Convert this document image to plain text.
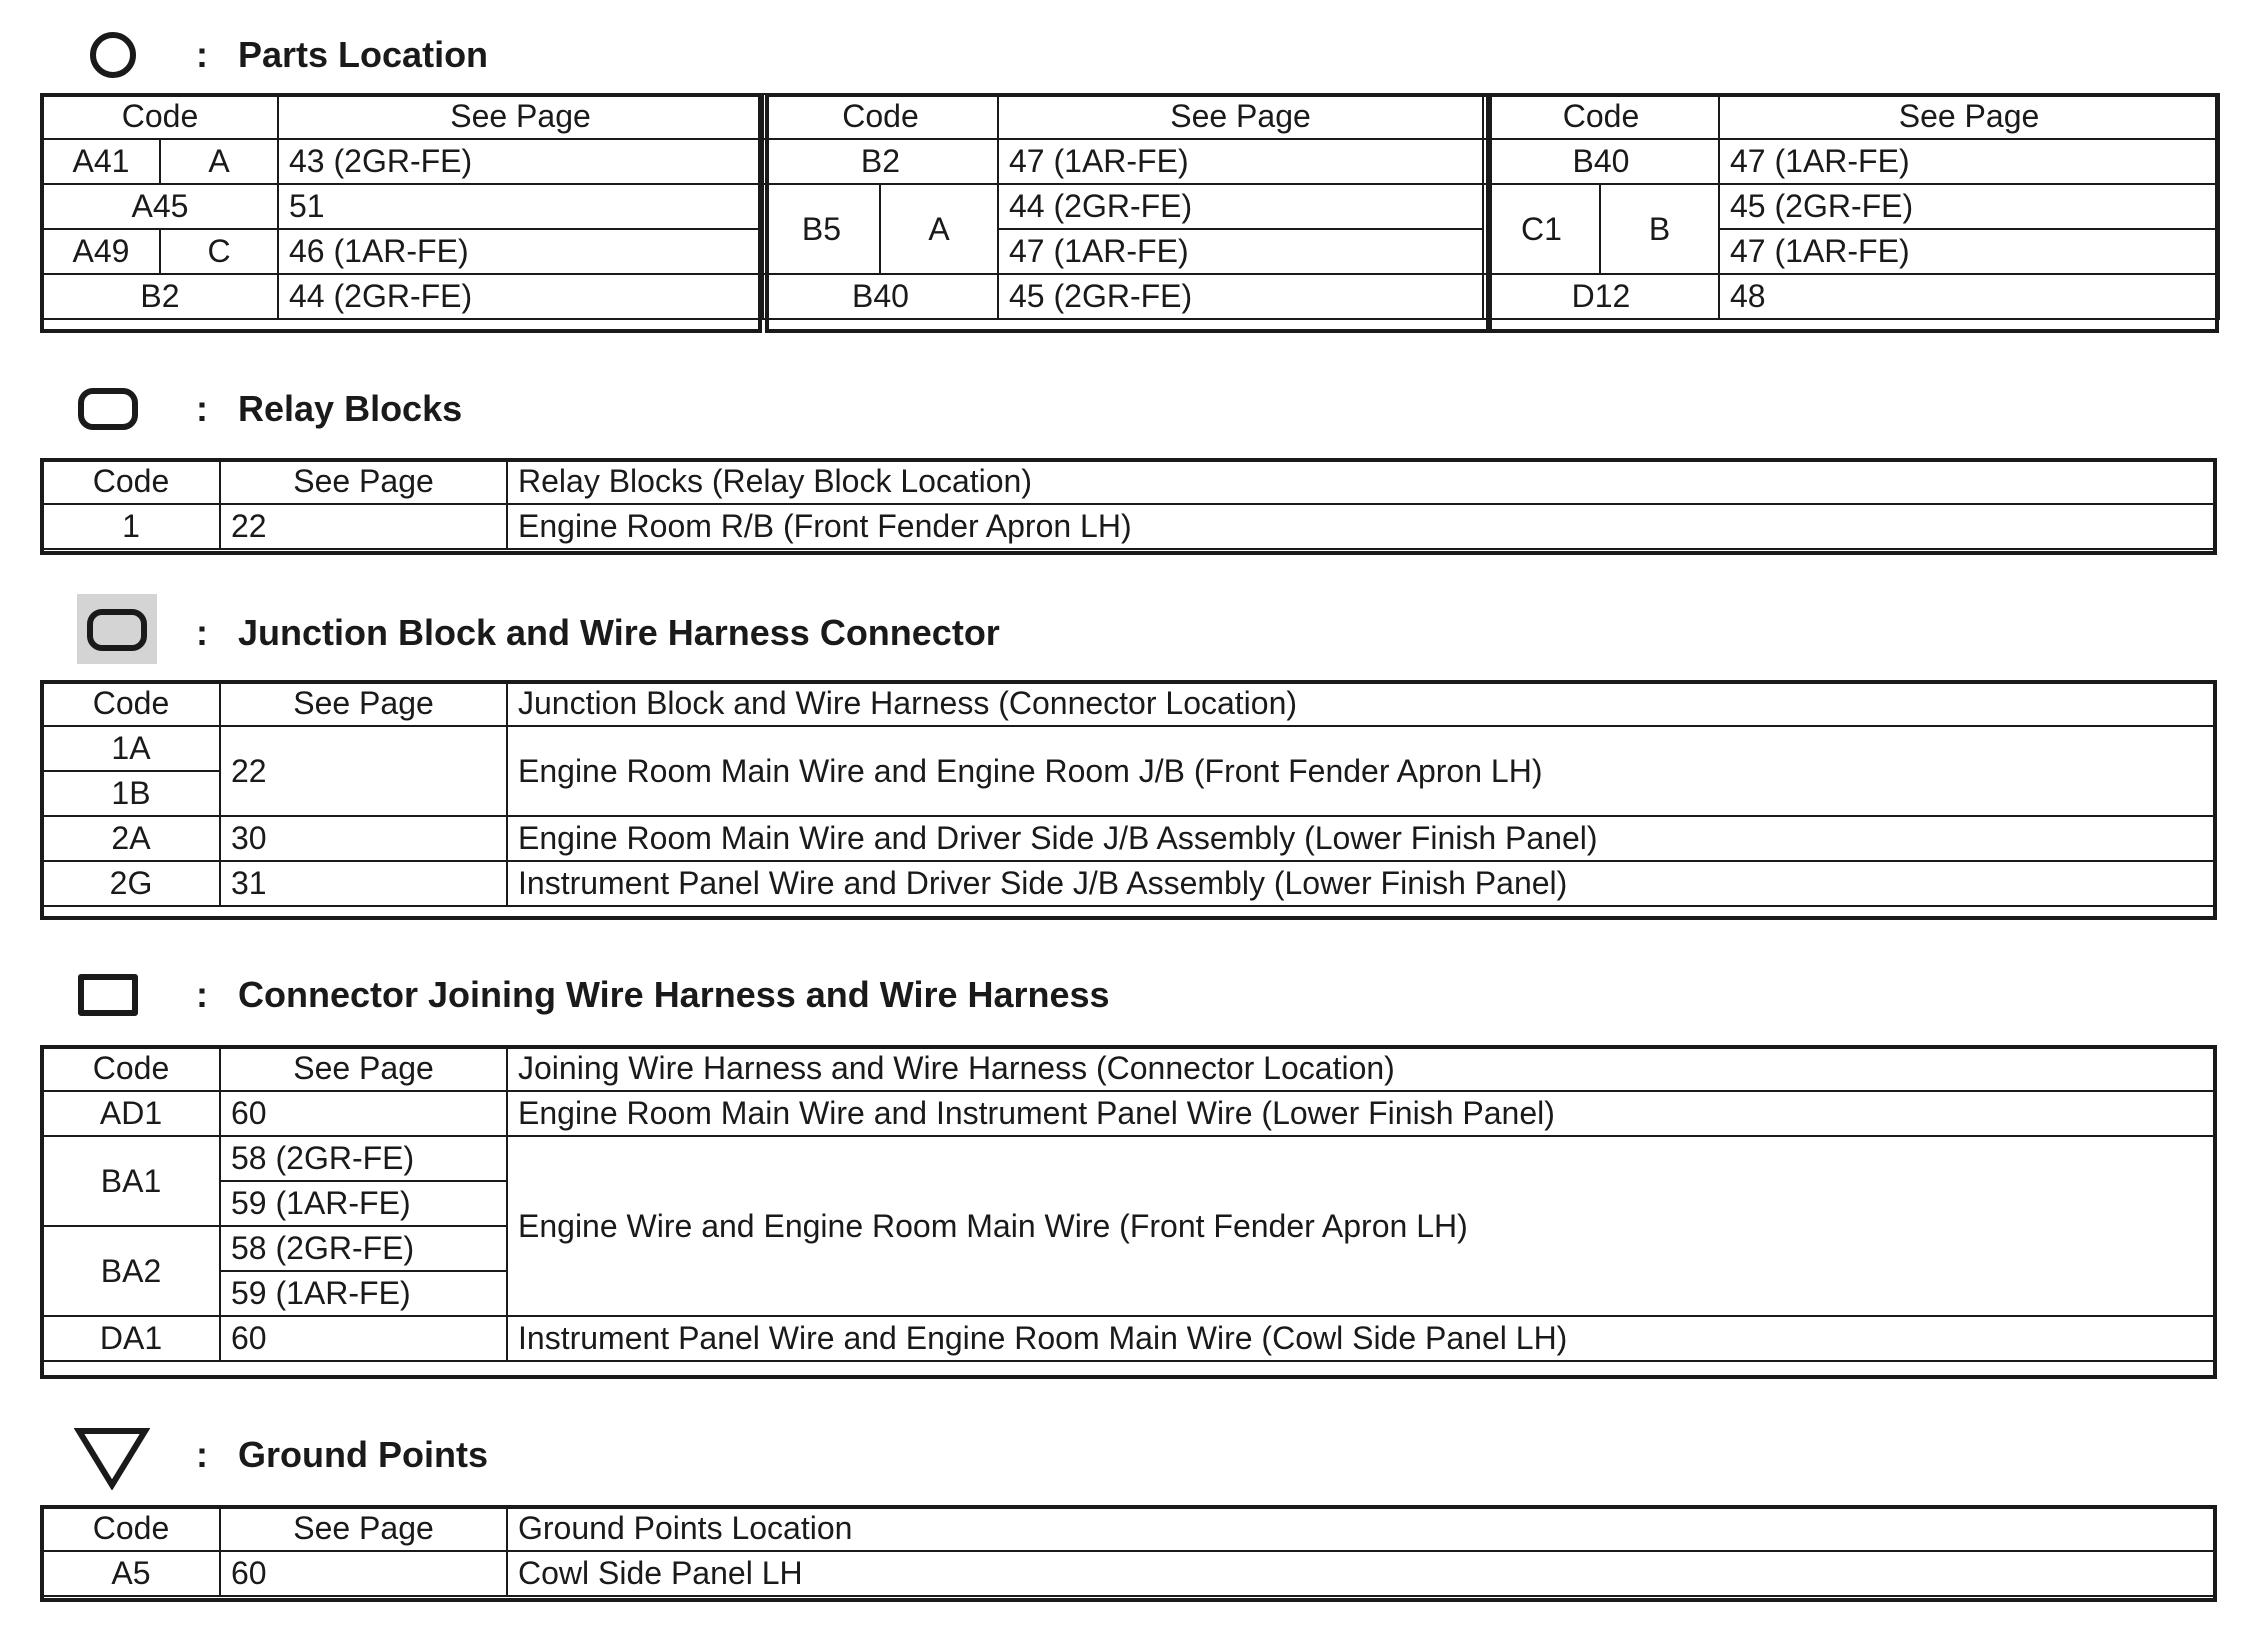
: Parts Location
Code		See Page	Code		See Page	Code		See Page
A41	A	43 (2GR-FE)	B2		47 (1AR-FE)	B40		47 (1AR-FE)
A45		51	B5	A	44 (2GR-FE)	C1	B	45 (2GR-FE)
A49	C	46 (1AR-FE)			47 (1AR-FE)			47 (1AR-FE)
B2		44 (2GR-FE)	B40		45 (2GR-FE)	D12		48
: Relay Blocks
Code	See Page	Relay Blocks (Relay Block Location)
1	22	Engine Room R/B (Front Fender Apron LH)
: Junction Block and Wire Harness Connector
Code	See Page	Junction Block and Wire Harness (Connector Location)
1A	22	Engine Room Main Wire and Engine Room J/B (Front Fender Apron LH)
1B		
2A	30	Engine Room Main Wire and Driver Side J/B Assembly (Lower Finish Panel)
2G	31	Instrument Panel Wire and Driver Side J/B Assembly (Lower Finish Panel)
: Connector Joining Wire Harness and Wire Harness
Code	See Page	Joining Wire Harness and Wire Harness (Connector Location)
AD1	60	Engine Room Main Wire and Instrument Panel Wire (Lower Finish Panel)
BA1	58 (2GR-FE)	Engine Wire and Engine Room Main Wire (Front Fender Apron LH)
	59 (1AR-FE)	
BA2	58 (2GR-FE)	
	59 (1AR-FE)	
DA1	60	Instrument Panel Wire and Engine Room Main Wire (Cowl Side Panel LH)
: Ground Points
Code	See Page	Ground Points Location
A5	60	Cowl Side Panel LH
